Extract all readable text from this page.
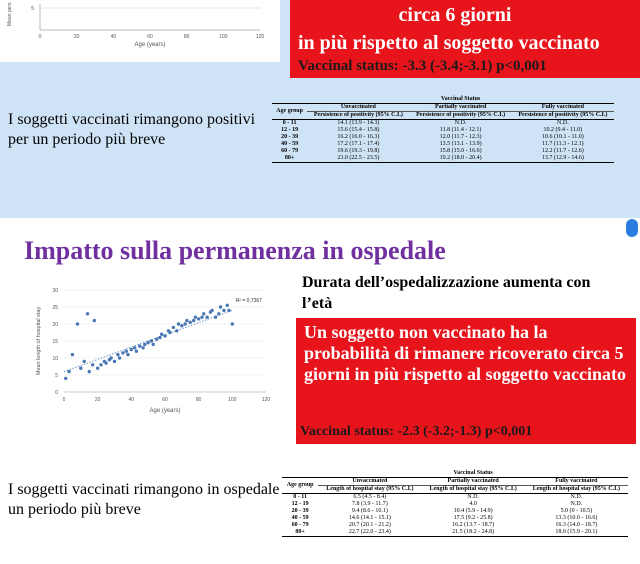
5
Mean pers
0	20	40	60	80	100	120
Age (years)
circa 6 giorni
in più rispetto al soggetto vaccinato
Vaccinal status: -3.3 (-3.4;-3.1) p<0,001
I soggetti vaccinati rimangono positivi per un periodo più breve
	Vaccinal Status		
Age group	Unvaccinated	Partially vaccinated	Fully vaccinated
	Persistence of positivity (95% C.I.)	Persistence of positivity (95% C.I.)	Persistence of positivity (95% C.I.)
0 - 11	14.1 (13.9 - 14.3)	N.D.	N.D.
12 - 19	15.6 (15.4 - 15.8)	11.8 (11.4 - 12.1)	10.2 (9.4 - 11.0)
20 - 39	16.2 (16.0 - 16.3)	12.0 (11.7 - 12.3)	10.6 (10.1 - 11.0)
40 - 59	17.2 (17.1 - 17.4)	13.5 (13.1 - 13.9)	11.7 (11.3 - 12.1)
60 - 79	19.6 (19.3 - 19.8)	15.8 (15.0 - 16.6)	12.2 (11.7 - 12.6)
80+	23.0 (22.5 - 23.5)	19.2 (18.0 - 20.4)	13.7 (12.9 - 14.6)
Impatto sulla permanenza in ospedale
0
5
10
15
20
25
30
0	20	40	60	80	100	120
R² = 0,7367
Age (years)
Mean length of hospital stay
Durata dell’ospedalizzazione aumenta con l’età
Un soggetto non vaccinato ha la probabilità di rimanere ricoverato circa 5 giorni in più rispetto al soggetto vaccinato
Vaccinal status: -2.3 (-3.2;-1.3) p<0,001
I soggetti vaccinati rimangono in ospedale un periodo più breve
	Vaccinal Status		
Age group	Unvaccinated	Partially vaccinated	Fully vaccinated
	Length of hospital stay (95% C.I.)	Length of hospital stay (95% C.I.)	Length of hospital stay (95% C.I.)
0 - 11	6.5 (4.5 - 8.4)	N.D.	N.D.
12 - 19	7.8 (3.9 - 11.7)	4.0	N.D.
20 - 39	9.4 (8.6 - 10.1)	10.4 (5.9 - 14.9)	5.0 (0 - 10.5)
40 - 59	14.6 (14.1 - 15.1)	17.5 (9.2 - 25.8)	13.3 (10.0 - 16.6)
60 - 79	20.7 (20.1 - 21.2)	16.2 (13.7 - 18.7)	16.3 (14.0 - 18.7)
80+	22.7 (22.0 - 23.4)	21.5 (18.2 - 24.8)	18.0 (15.9 - 20.1)
